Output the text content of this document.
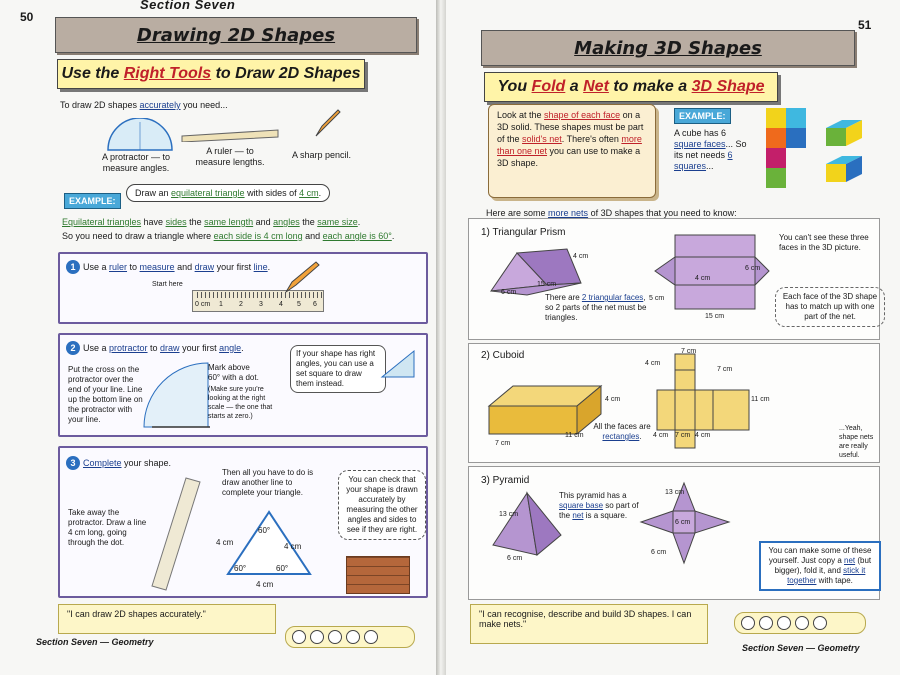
50
Section Seven
Drawing 2D Shapes
Use the Right Tools to Draw 2D Shapes
To draw 2D shapes accurately you need...
A protractor — to measure angles.
A ruler — to measure lengths.
A sharp pencil.
EXAMPLE:
Draw an equilateral triangle with sides of 4 cm.
Equilateral triangles have sides the same length and angles the same size.
So you need to draw a triangle where each side is 4 cm long and each angle is 60°.
1 Use a ruler to measure and draw your first line.
Start here
0 cm 1 2 3 4 5 6
2 Use a protractor to draw your first angle.
Put the cross on the protractor over the end of your line. Line up the bottom line on the protractor with your line.
Mark above 60° with a dot.
(Make sure you're looking at the right scale — the one that starts at zero.)
If your shape has right angles, you can use a set square to draw them instead.
3 Complete your shape.
Take away the protractor. Draw a line 4 cm long, going through the dot.
Then all you have to do is draw another line to complete your triangle.
60°
60°	60°
4 cm	4 cm
4 cm
You can check that your shape is drawn accurately by measuring the other angles and sides to see if they are right.
"I can draw 2D shapes accurately."
Section Seven — Geometry
51
Making 3D Shapes
You Fold a Net to make a 3D Shape
Look at the shape of each face on a 3D solid. These shapes must be part of the solid's net. There's often more than one net you can use to make a 3D shape.
EXAMPLE:
A cube has 6 square faces... So its net needs 6 squares...
Here are some more nets of 3D shapes that you need to know:
1) Triangular Prism
4 cm
6 cm
15 cm
There are 2 triangular faces, so 2 parts of the net must be triangles.
4 cm
5 cm
6 cm
15 cm
You can't see these three faces in the 3D picture.
Each face of the 3D shape has to match up with one part of the net.
2) Cuboid
4 cm
11 cm
7 cm
All the faces are rectangles.
7 cm
4 cm
7 cm
11 cm
4 cm 7 cm 4 cm
...Yeah, shape nets are really useful.
3) Pyramid
13 cm
6 cm
This pyramid has a square base so part of the net is a square.
13 cm
6 cm
6 cm	You can make some of these yourself. Just copy a net (but bigger), fold it, and stick it together with tape.
"I can recognise, describe and build 3D shapes. I can make nets."
Section Seven — Geometry
